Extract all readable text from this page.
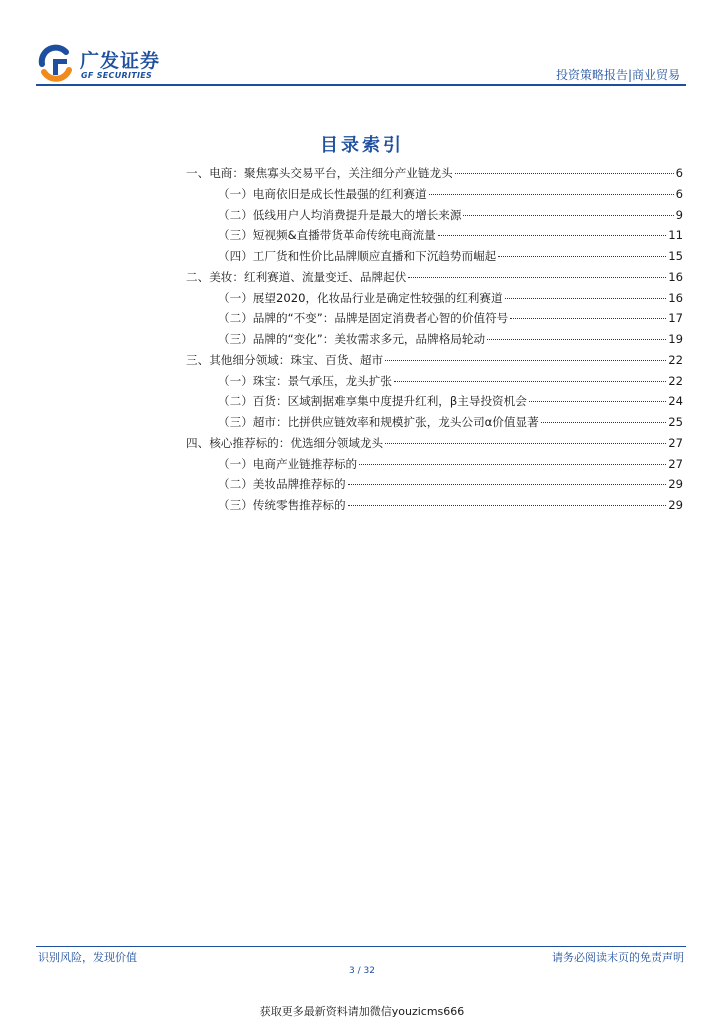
广发证券
GF SECURITIES	投资策略报告|商业贸易
目录索引
一、电商：聚焦寡头交易平台，关注细分产业链龙头	6
（一）电商依旧是成长性最强的红利赛道	6
（二）低线用户人均消费提升是最大的增长来源	9
（三）短视频&直播带货革命传统电商流量	11
（四）工厂货和性价比品牌顺应直播和下沉趋势而崛起	15
二、美妆：红利赛道、流量变迁、品牌起伏	16
（一）展望2020，化妆品行业是确定性较强的红利赛道	16
（二）品牌的“不变”：品牌是固定消费者心智的价值符号	17
（三）品牌的“变化”：美妆需求多元，品牌格局轮动	19
三、其他细分领域：珠宝、百货、超市	22
（一）珠宝：景气承压，龙头扩张	22
（二）百货：区域割据难享集中度提升红利，β主导投资机会	24
（三）超市：比拼供应链效率和规模扩张，龙头公司α价值显著	25
四、核心推荐标的：优选细分领域龙头	27
（一）电商产业链推荐标的	27
（二）美妆品牌推荐标的	29
（三）传统零售推荐标的	29
识别风险，发现价值	请务必阅读末页的免责声明
3 / 32
获取更多最新资料请加微信youzicms666
